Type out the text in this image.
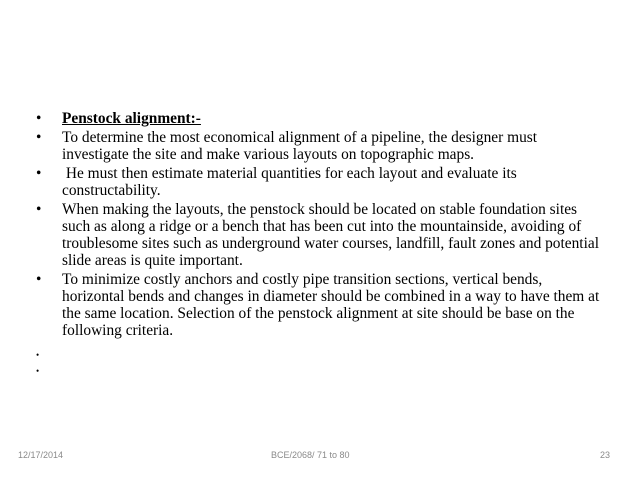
• Penstock alignment:-
• To determine the most economical alignment of a pipeline, the designer must investigate the site and make various layouts on topographic maps.
• He must then estimate material quantities for each layout and evaluate its constructability.
• When making the layouts, the penstock should be located on stable foundation sites such as along a ridge or a bench that has been cut into the mountainside, avoiding of troublesome sites such as underground water courses, landfill, fault zones and potential slide areas is quite important.
• To minimize costly anchors and costly pipe transition sections, vertical bends, horizontal bends and changes in diameter should be combined in a way to have them at the same location. Selection of the penstock alignment at site should be base on the following criteria.
•
•
12/17/2014	BCE/2068/ 71 to 80	23
